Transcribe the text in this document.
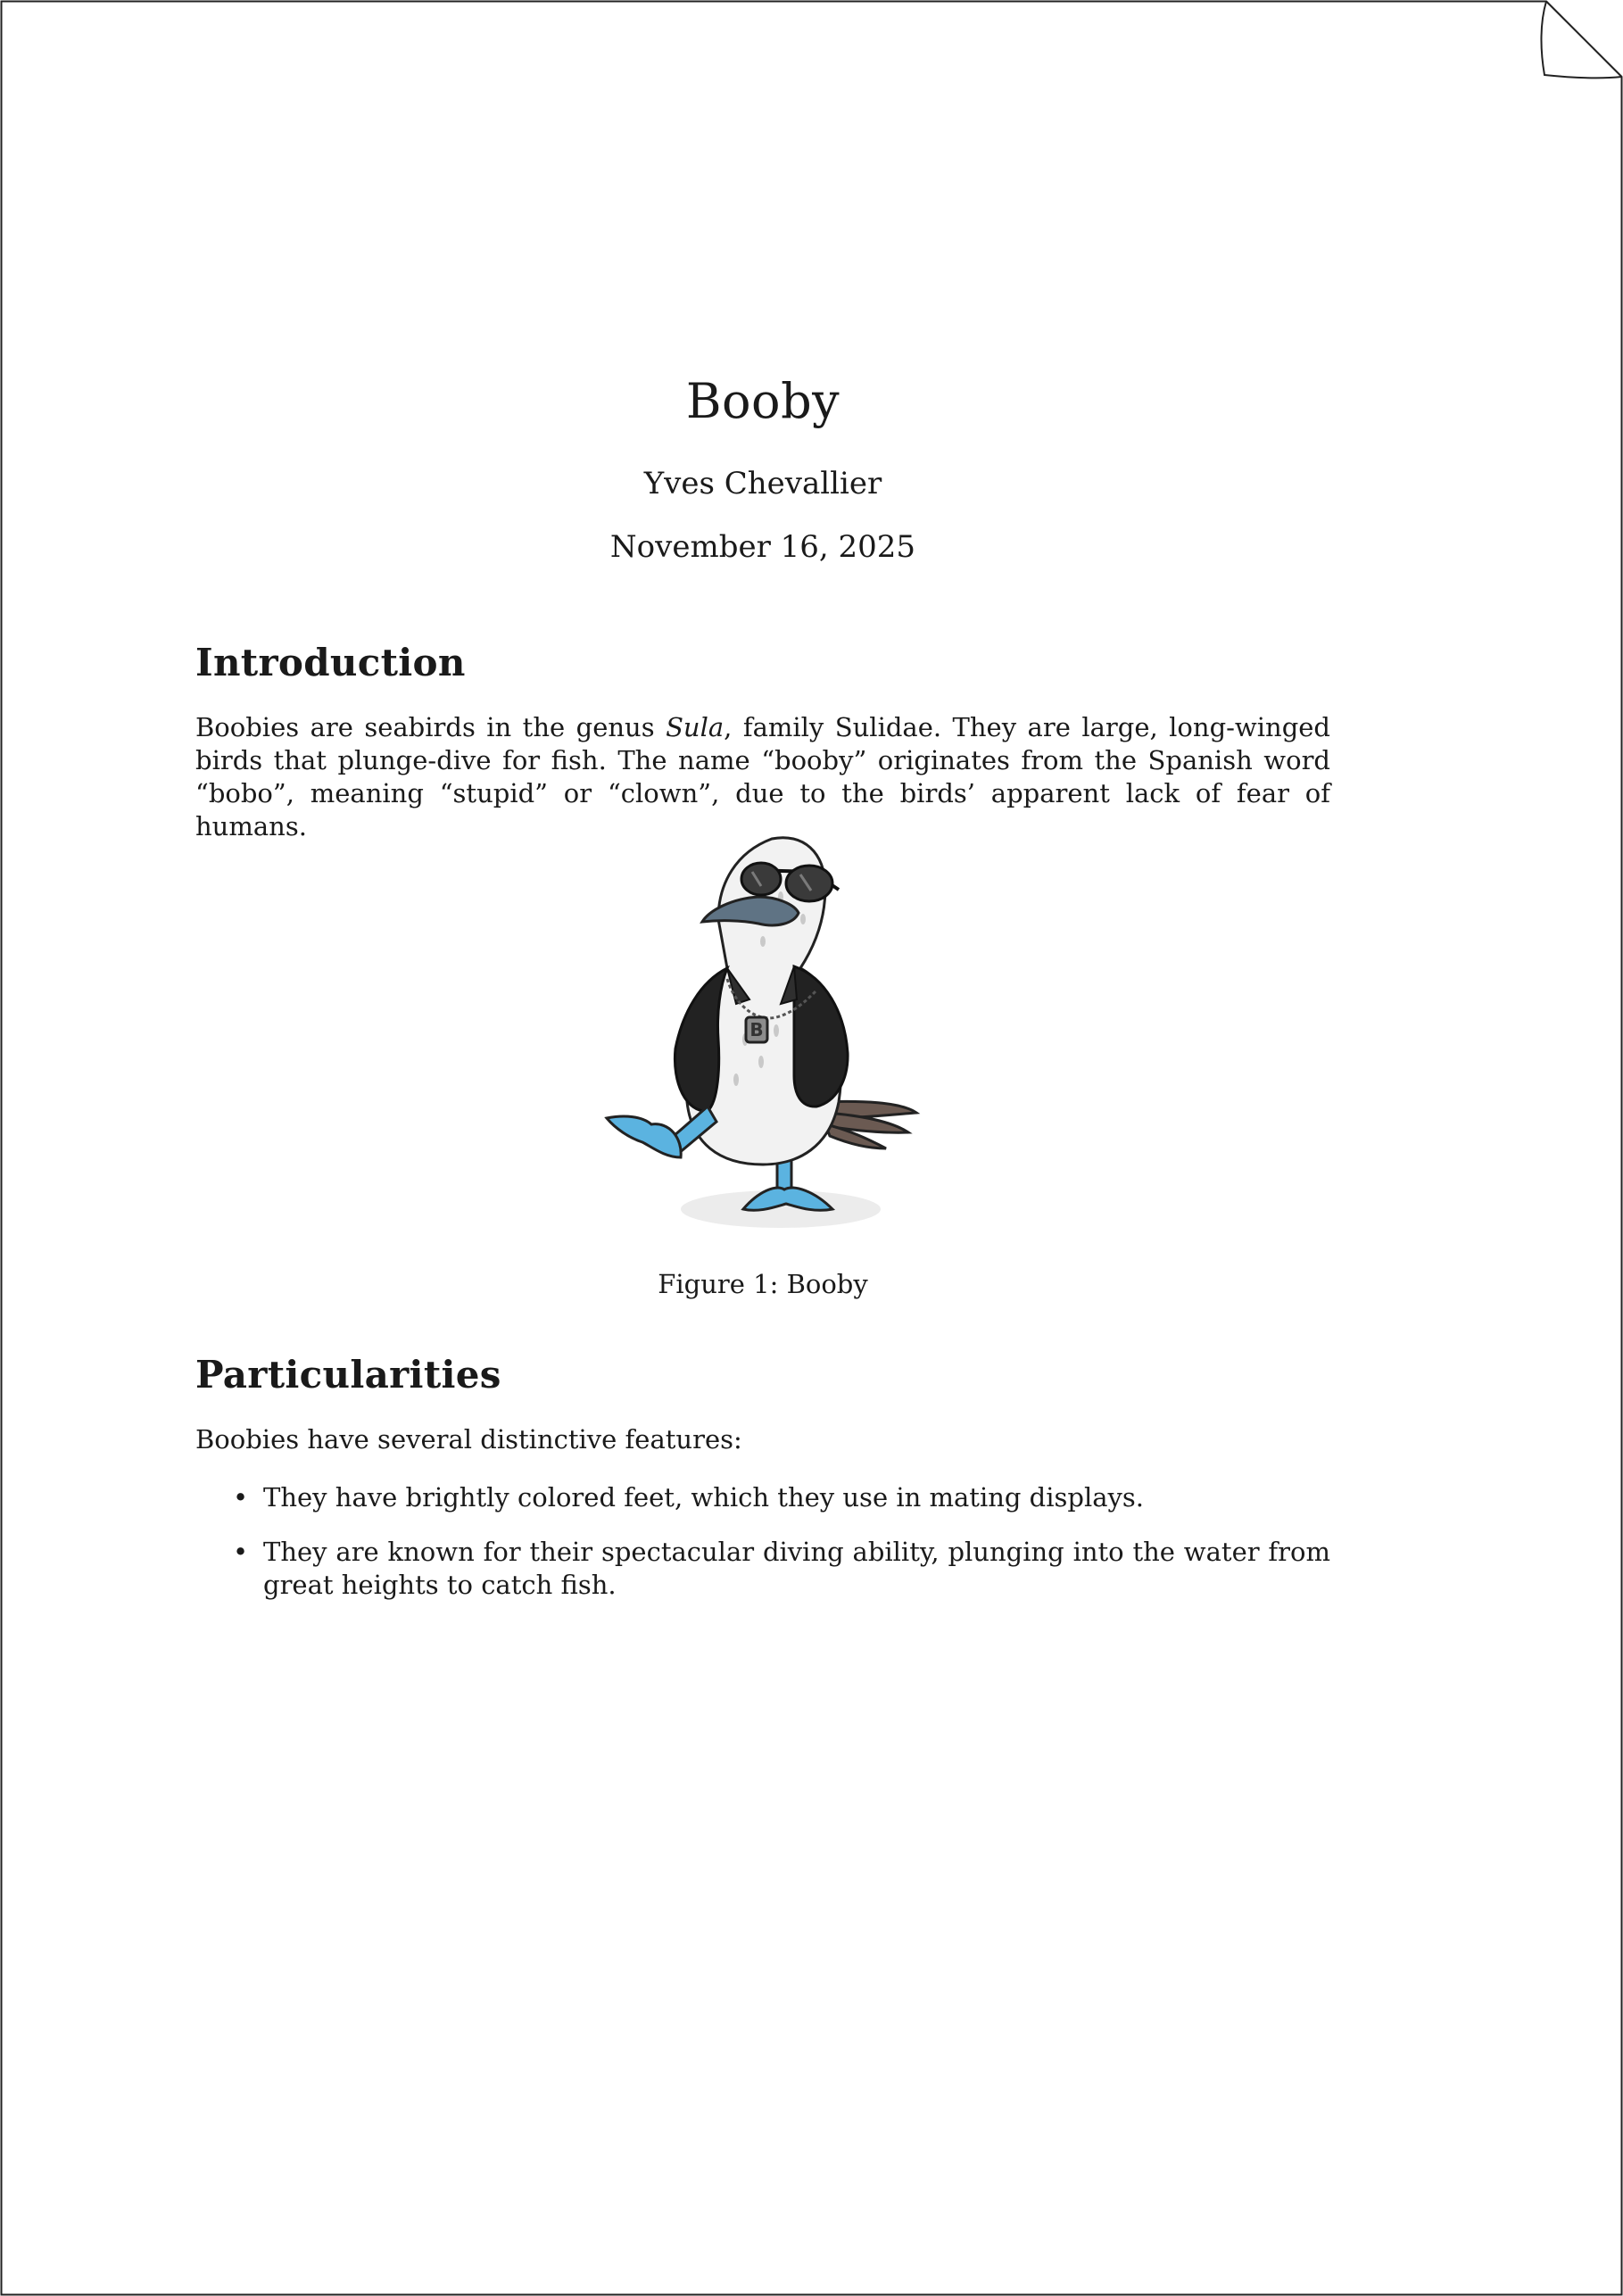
Booby
Yves Chevallier
November 16, 2025
Introduction

Boobies are seabirds in the genus Sula, family Sulidae. They are large, long-winged birds that plunge-dive for fish. The name “booby” originates from the Spanish word “bobo”, meaning “stupid” or “clown”, due to the birds’ apparent lack of fear of humans.

B
Figure 1: Booby
Particularities

Boobies have several distinctive features:

• They have brightly colored feet, which they use in mating displays.
• They are known for their spectacular diving ability, plunging into the water from great heights to catch fish.
